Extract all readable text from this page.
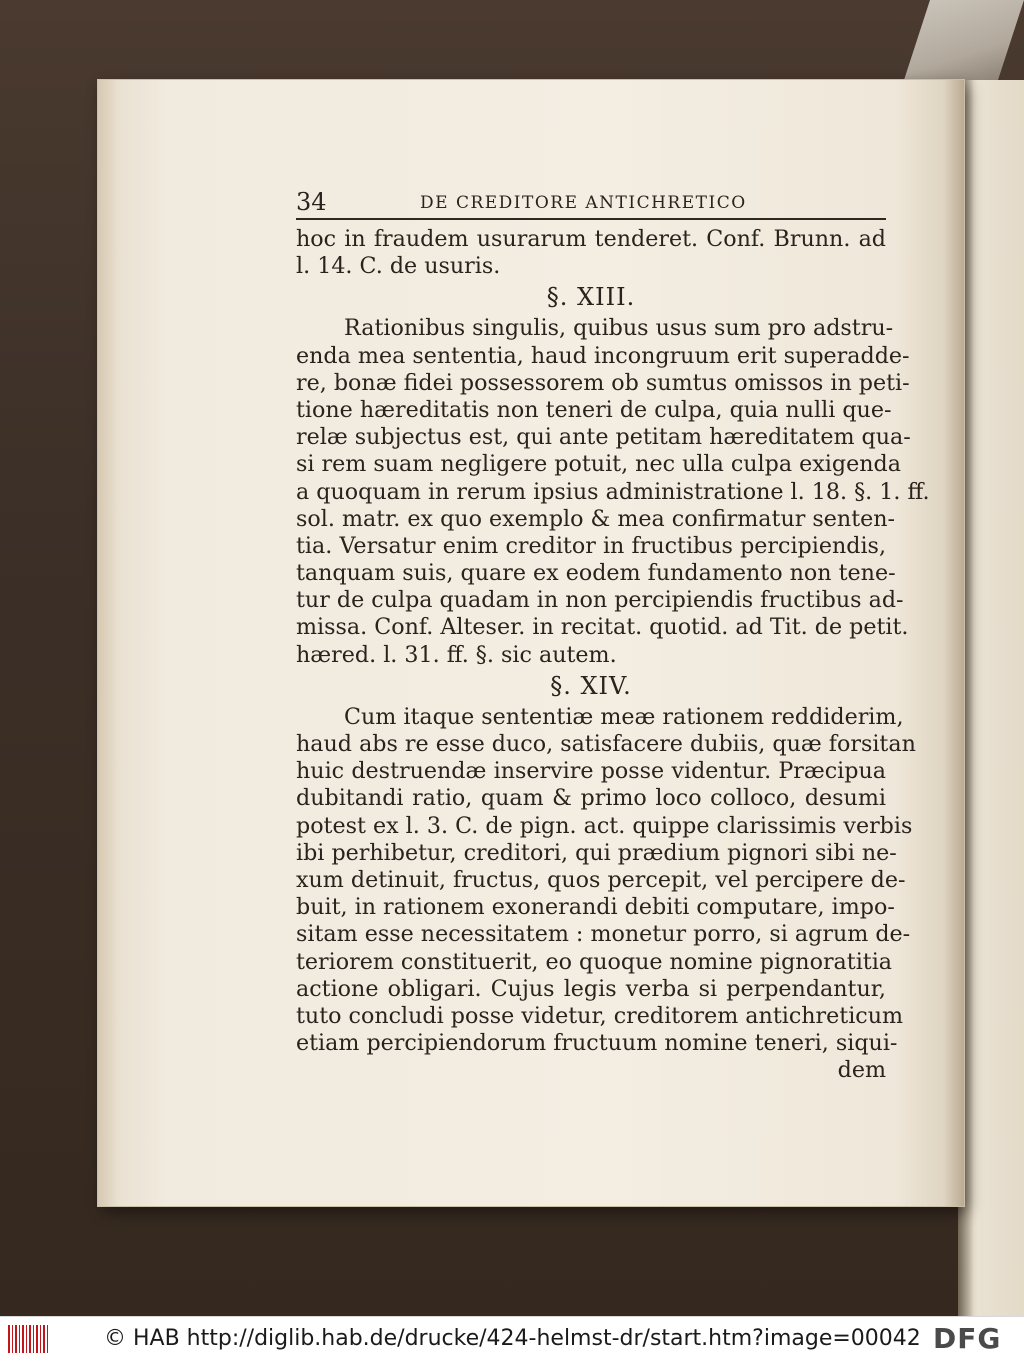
34	DE CREDITORE ANTICHRETICO
hoc in fraudem usurarum tenderet. Conf. Brunn. ad
l. 14. C. de usuris.
§. XIII.
Rationibus singulis, quibus usus sum pro adstru-
enda mea sententia, haud incongruum erit superadde-
re, bonæ fidei possessorem ob sumtus omissos in peti-
tione hæreditatis non teneri de culpa, quia nulli que-
relæ subjectus est, qui ante petitam hæreditatem qua-
si rem suam negligere potuit, nec ulla culpa exigenda
a quoquam in rerum ipsius administratione l. 18. §. 1. ff.
sol. matr. ex quo exemplo & mea confirmatur senten-
tia. Versatur enim creditor in fructibus percipiendis,
tanquam suis, quare ex eodem fundamento non tene-
tur de culpa quadam in non percipiendis fructibus ad-
missa. Conf. Alteser. in recitat. quotid. ad Tit. de petit.
hæred. l. 31. ff. §. sic autem.
§. XIV.
Cum itaque sententiæ meæ rationem reddiderim,
haud abs re esse duco, satisfacere dubiis, quæ forsitan
huic destruendæ inservire posse videntur. Præcipua
dubitandi ratio, quam & primo loco colloco, desumi
potest ex l. 3. C. de pign. act. quippe clarissimis verbis
ibi perhibetur, creditori, qui prædium pignori sibi ne-
xum detinuit, fructus, quos percepit, vel percipere de-
buit, in rationem exonerandi debiti computare, impo-
sitam esse necessitatem : monetur porro, si agrum de-
teriorem constituerit, eo quoque nomine pignoratitia
actione obligari. Cujus legis verba si perpendantur,
tuto concludi posse videtur, creditorem antichreticum
etiam percipiendorum fructuum nomine teneri, siqui-
dem
© HAB http://diglib.hab.de/drucke/424-helmst-dr/start.htm?image=00042 DFG
